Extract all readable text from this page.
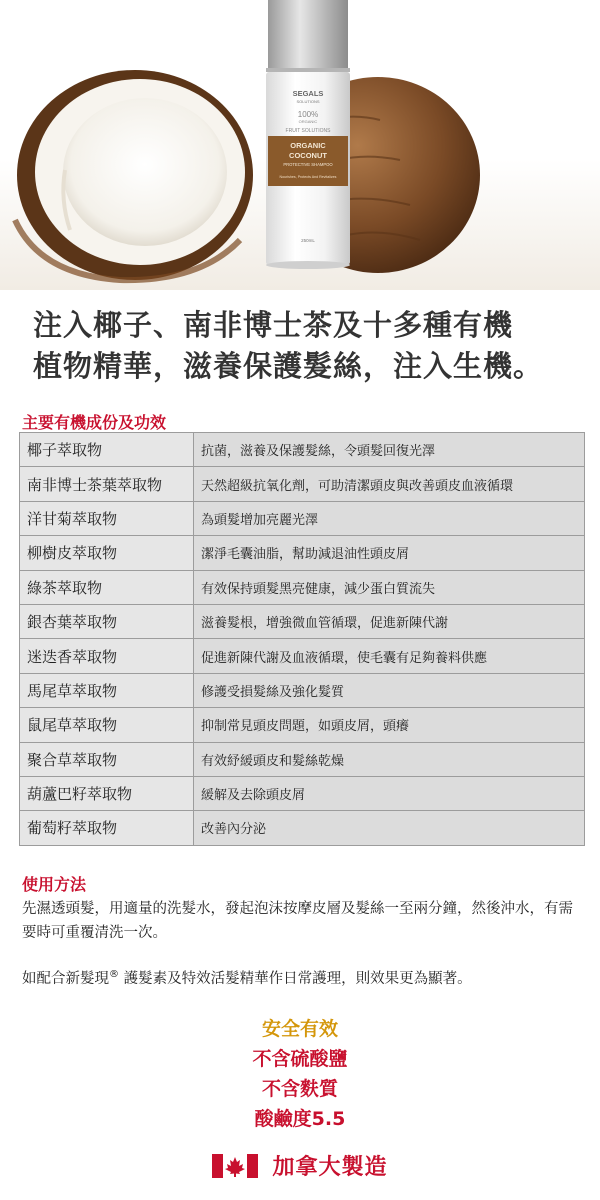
SEGALS
SOLUTIONS
100%
ORGANIC
FRUIT SOLUTIONS
ORGANIC
COCONUT
PROTECTIVE SHAMPOO
Nourishes, Protects And Revitalizes
250mL
注入椰子、南非博士茶及十多種有機
植物精華，滋養保護髮絲，注入生機。
主要有機成份及功效
椰子萃取物	抗菌，滋養及保護髮絲，令頭髮回復光澤
南非博士茶葉萃取物	天然超級抗氧化劑，可助清潔頭皮與改善頭皮血液循環
洋甘菊萃取物	為頭髮增加亮麗光澤
柳樹皮萃取物	潔淨毛囊油脂，幫助減退油性頭皮屑
綠茶萃取物	有效保持頭髮黑亮健康，減少蛋白質流失
銀杏葉萃取物	滋養髮根，增強微血管循環，促進新陳代謝
迷迭香萃取物	促進新陳代謝及血液循環，使毛囊有足夠養料供應
馬尾草萃取物	修護受損髮絲及強化髮質
鼠尾草萃取物	抑制常見頭皮問題，如頭皮屑，頭癢
聚合草萃取物	有效紓緩頭皮和髮絲乾燥
葫蘆巴籽萃取物	緩解及去除頭皮屑
葡萄籽萃取物	改善內分泌
使用方法

先濕透頭髮，用適量的洗髮水，發起泡沫按摩皮層及髮絲一至兩分鐘，然後沖水，有需要時可重覆清洗一次。

如配合新髮現® 護髮素及特效活髮精華作日常護理，則效果更為顯著。

安全有效
不含硫酸鹽
不含麩質
酸鹼度5.5
加拿大製造
